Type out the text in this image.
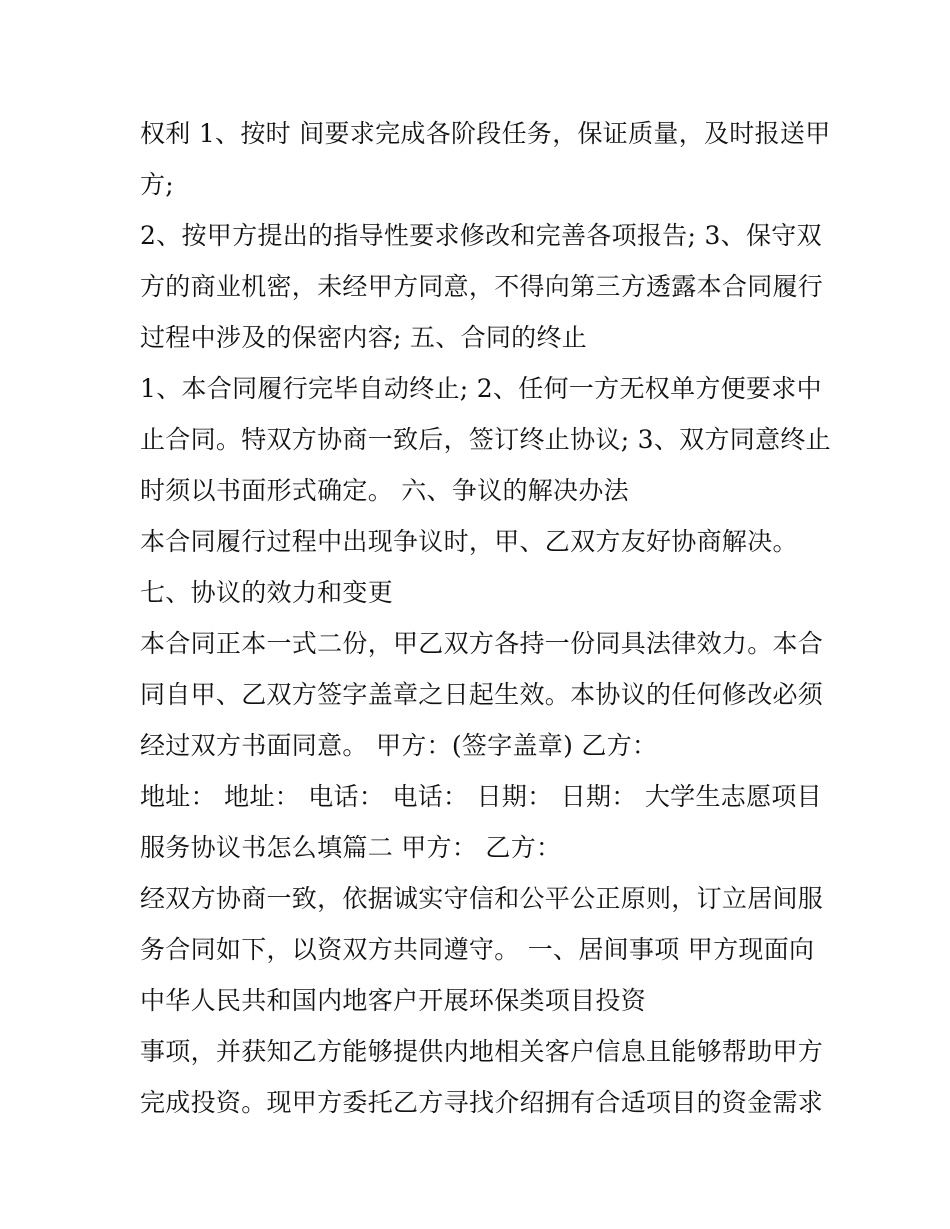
权利 1、按时 间要求完成各阶段任务，保证质量，及时报送甲
方;
2、按甲方提出的指导性要求修改和完善各项报告; 3、保守双
方的商业机密，未经甲方同意，不得向第三方透露本合同履行
过程中涉及的保密内容; 五、合同的终止
1、本合同履行完毕自动终止; 2、任何一方无权单方便要求中
止合同。特双方协商一致后，签订终止协议; 3、双方同意终止
时须以书面形式确定。 六、争议的解决办法
本合同履行过程中出现争议时，甲、乙双方友好协商解决。
七、协议的效力和变更
本合同正本一式二份，甲乙双方各持一份同具法律效力。本合
同自甲、乙双方签字盖章之日起生效。本协议的任何修改必须
经过双方书面同意。 甲方：(签字盖章) 乙方：
地址： 地址： 电话： 电话： 日期： 日期： 大学生志愿项目
服务协议书怎么填篇二 甲方： 乙方：
经双方协商一致，依据诚实守信和公平公正原则，订立居间服
务合同如下，以资双方共同遵守。 一、居间事项 甲方现面向
中华人民共和国内地客户开展环保类项目投资
事项，并获知乙方能够提供内地相关客户信息且能够帮助甲方
完成投资。现甲方委托乙方寻找介绍拥有合适项目的资金需求
